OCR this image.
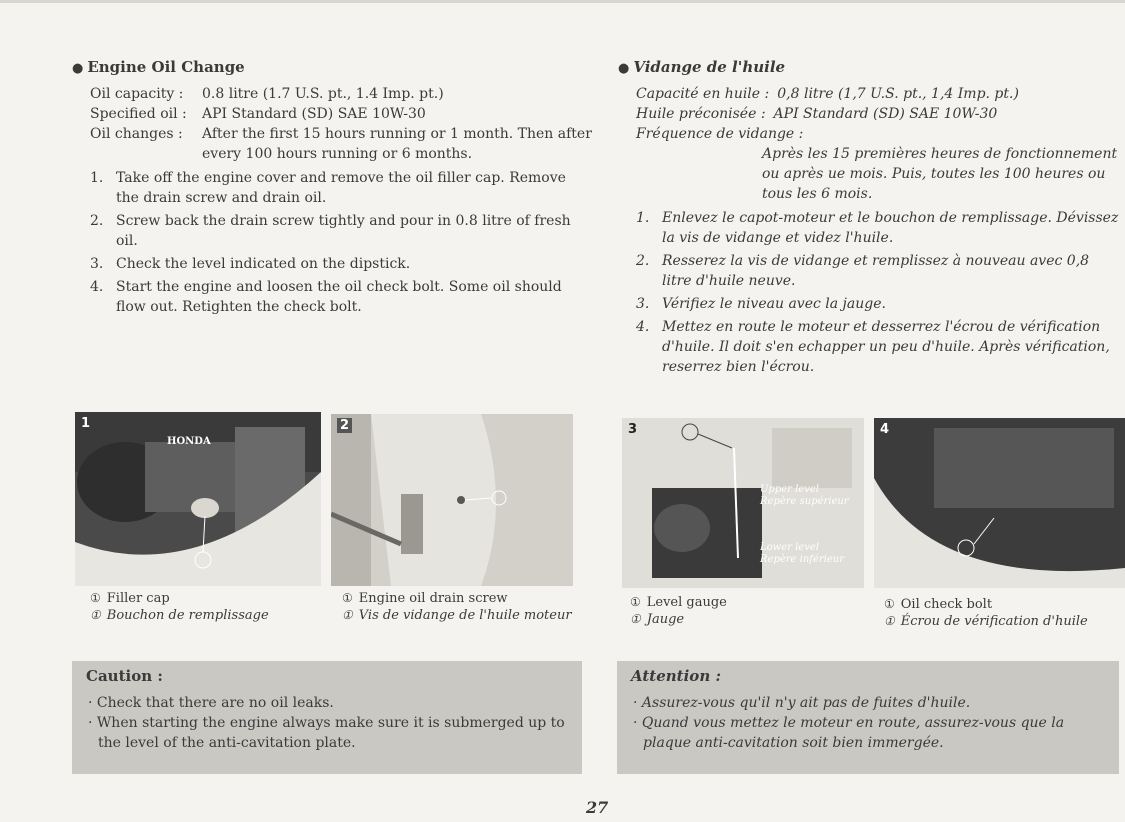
● Engine Oil Change
Oil capacity :	0.8 litre (1.7 U.S. pt., 1.4 Imp. pt.)
Specified oil :	API Standard (SD) SAE 10W-30
Oil changes :	After the first 15 hours running or 1 month. Then after every 100 hours running or 6 months.
1. Take off the engine cover and remove the oil filler cap. Remove the drain screw and drain oil.
2. Screw back the drain screw tightly and pour in 0.8 litre of fresh oil.
3. Check the level indicated on the dipstick.
4. Start the engine and loosen the oil check bolt. Some oil should flow out. Retighten the check bolt.
● Vidange de l'huile
Capacité en huile : 0,8 litre (1,7 U.S. pt., 1,4 Imp. pt.)
Huile préconisée : API Standard (SD) SAE 10W-30
Fréquence de vidange :
Après les 15 premières heures de fonctionnement ou après ue mois. Puis, toutes les 100 heures ou tous les 6 mois.
1. Enlevez le capot-moteur et le bouchon de remplissage. Dévissez la vis de vidange et videz l'huile.
2. Resserez la vis de vidange et remplissez à nouveau avec 0,8 litre d'huile neuve.
3. Vérifiez le niveau avec la jauge.
4. Mettez en route le moteur et desserrez l'écrou de vérification d'huile. Il doit s'en echapper un peu d'huile. Après vérification, reserrez bien l'écrou.
1
HONDA
① Filler cap
① Bouchon de remplissage
2
① Engine oil drain screw
① Vis de vidange de l'huile moteur
3
Upper level
Repère supérieur
Lower level
Repère inférieur
① Level gauge
① Jauge
4
① Oil check bolt
① Écrou de vérification d'huile
Caution :
· Check that there are no oil leaks.
· When starting the engine always make sure it is submerged up to the level of the anti-cavitation plate.
Attention :
· Assurez-vous qu'il n'y ait pas de fuites d'huile.
· Quand vous mettez le moteur en route, assurez-vous que la plaque anti-cavitation soit bien immergée.
27
